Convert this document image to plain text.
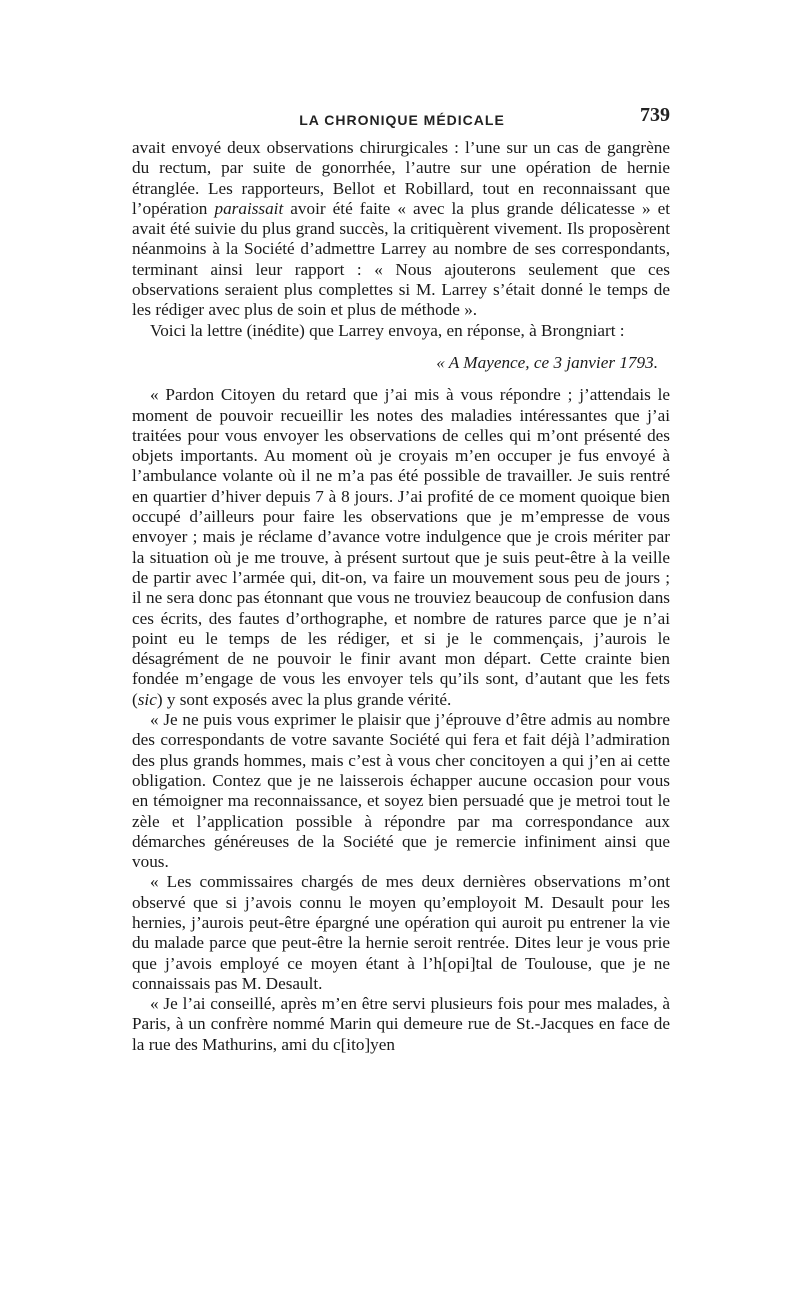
LA CHRONIQUE MÉDICALE	739

avait envoyé deux observations chirurgicales : l’une sur un cas de gangrène du rectum, par suite de gonorrhée, l’autre sur une opération de hernie étranglée. Les rapporteurs, Bellot et Robillard, tout en reconnaissant que l’opération paraissait avoir été faite « avec la plus grande délicatesse » et avait été suivie du plus grand succès, la critiquèrent vivement. Ils proposèrent néanmoins à la Société d’admettre Larrey au nombre de ses correspondants, terminant ainsi leur rapport : « Nous ajouterons seulement que ces observations seraient plus complettes si M. Larrey s’était donné le temps de les rédiger avec plus de soin et plus de méthode ».

Voici la lettre (inédite) que Larrey envoya, en réponse, à Brongniart :

« A Mayence, ce 3 janvier 1793.

« Pardon Citoyen du retard que j’ai mis à vous répondre ; j’attendais le moment de pouvoir recueillir les notes des maladies intéressantes que j’ai traitées pour vous envoyer les observations de celles qui m’ont présenté des objets importants. Au moment où je croyais m’en occuper je fus envoyé à l’ambulance volante où il ne m’a pas été possible de travailler. Je suis rentré en quartier d’hiver depuis 7 à 8 jours. J’ai profité de ce moment quoique bien occupé d’ailleurs pour faire les observations que je m’empresse de vous envoyer ; mais je réclame d’avance votre indulgence que je crois mériter par la situation où je me trouve, à présent surtout que je suis peut-être à la veille de partir avec l’armée qui, dit-on, va faire un mouvement sous peu de jours ; il ne sera donc pas étonnant que vous ne trouviez beaucoup de confusion dans ces écrits, des fautes d’orthographe, et nombre de ratures parce que je n’ai point eu le temps de les rédiger, et si je le commençais, j’aurois le désagrément de ne pouvoir le finir avant mon départ. Cette crainte bien fondée m’engage de vous les envoyer tels qu’ils sont, d’autant que les fets (sic) y sont exposés avec la plus grande vérité.

« Je ne puis vous exprimer le plaisir que j’éprouve d’être admis au nombre des correspondants de votre savante Société qui fera et fait déjà l’admiration des plus grands hommes, mais c’est à vous cher concitoyen a qui j’en ai cette obligation. Contez que je ne laisserois échapper aucune occasion pour vous en témoigner ma reconnaissance, et soyez bien persuadé que je metroi tout le zèle et l’application possible à répondre par ma correspondance aux démarches généreuses de la Société que je remercie infiniment ainsi que vous.

« Les commissaires chargés de mes deux dernières observations m’ont observé que si j’avois connu le moyen qu’employoit M. Desault pour les hernies, j’aurois peut-être épargné une opération qui auroit pu entrener la vie du malade parce que peut-être la hernie seroit rentrée. Dites leur je vous prie que j’avois employé ce moyen étant à l’h[opi]tal de Toulouse, que je ne connaissais pas M. Desault.

« Je l’ai conseillé, après m’en être servi plusieurs fois pour mes malades, à Paris, à un confrère nommé Marin qui demeure rue de St.-Jacques en face de la rue des Mathurins, ami du c[ito]yen
